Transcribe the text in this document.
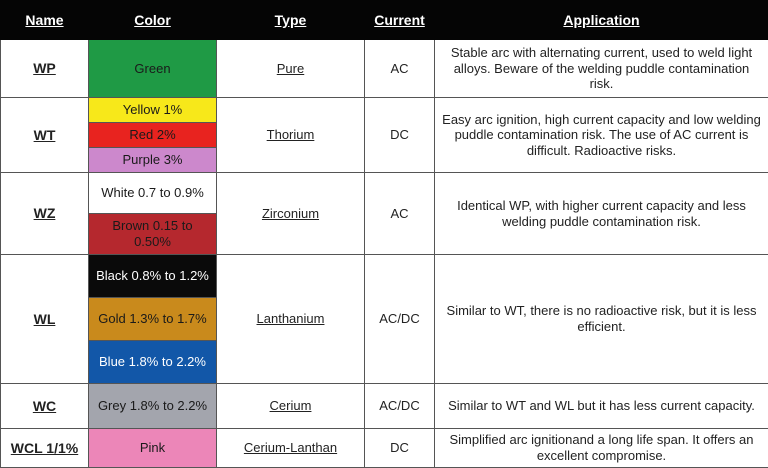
Name	Color	Type	Current	Application
WP	Green	Pure	AC	Stable arc with alternating current, used to weld light alloys. Beware of the welding puddle contamination risk.
WT	Yellow 1%	Thorium	DC	Easy arc ignition, high current capacity and low welding puddle contamination risk. The use of AC current is difficult. Radioactive risks.
	Red 2%			
	Purple 3%			
WZ	White 0.7 to 0.9%	Zirconium	AC	Identical WP, with higher current capacity and less welding puddle contamination risk.
	Brown 0.15 to 0.50%			
WL	Black 0.8% to 1.2%	Lanthanium	AC/DC	Similar to WT, there is no radioactive risk, but it is less efficient.
	Gold 1.3% to 1.7%			
	Blue 1.8% to 2.2%			
WC	Grey 1.8% to 2.2%	Cerium	AC/DC	Similar to WT and WL but it has less current capacity.
WCL 1/1%	Pink	Cerium-Lanthan	DC	Simplified arc ignitionand a long life span. It offers an excellent compromise.
